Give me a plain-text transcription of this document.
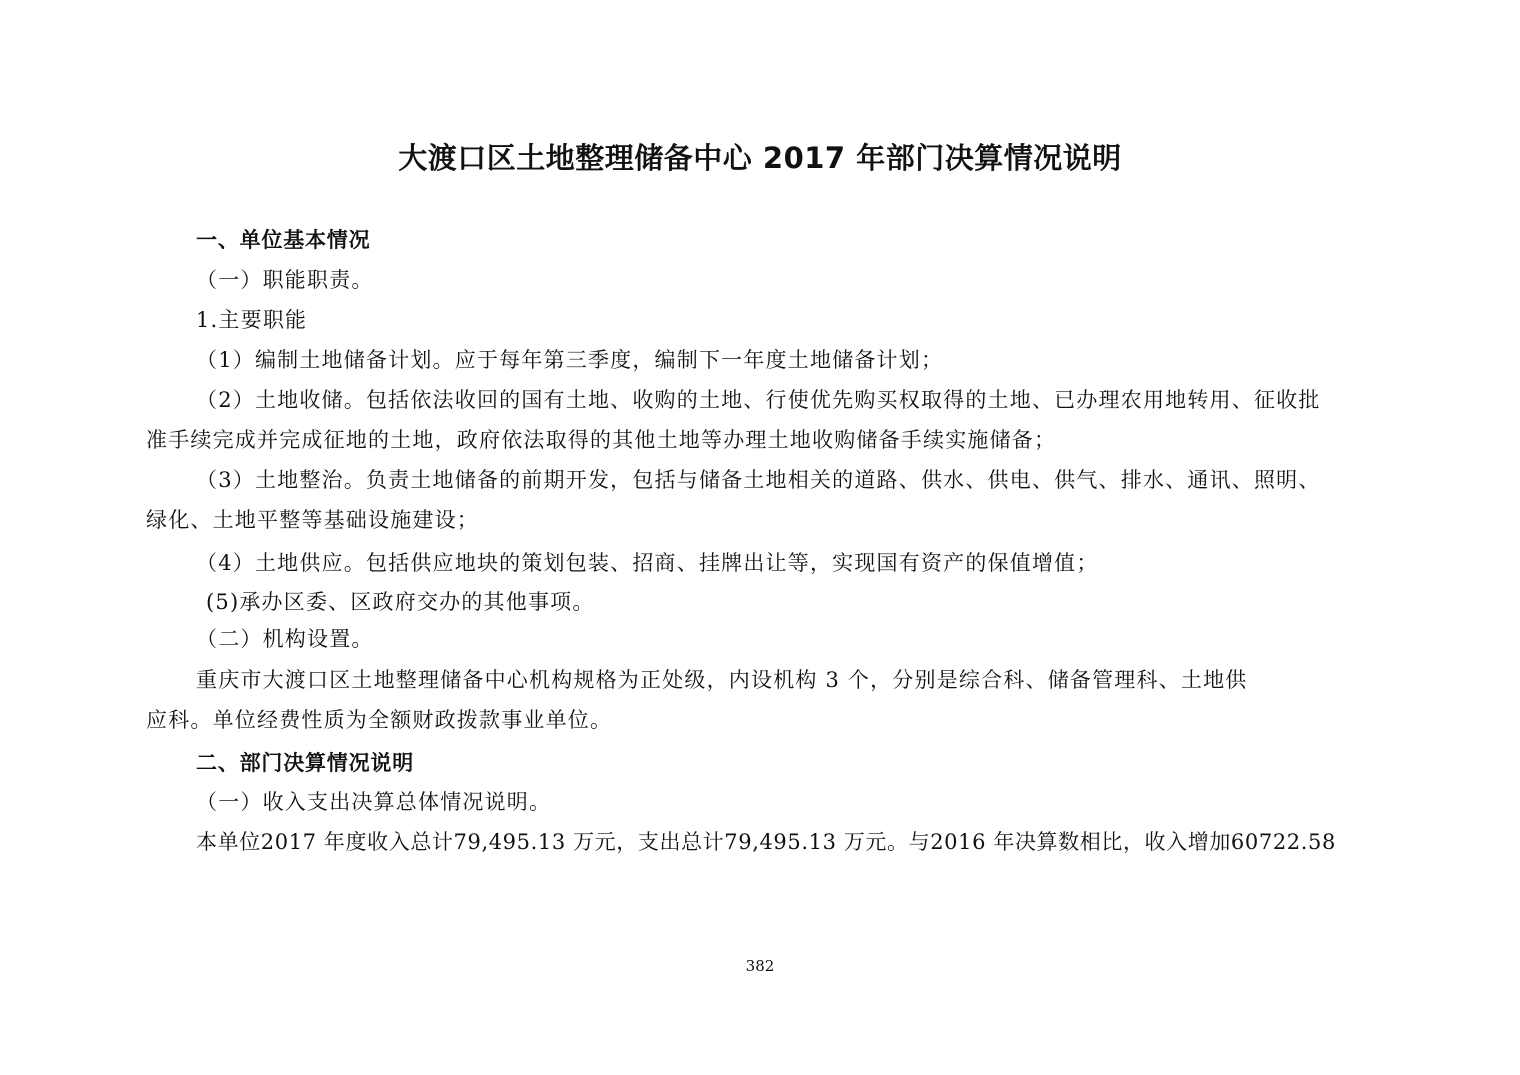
大渡口区土地整理储备中心 2017 年部门决算情况说明
一、单位基本情况
（一）职能职责。
1.主要职能
（1）编制土地储备计划。应于每年第三季度，编制下一年度土地储备计划；
（2）土地收储。包括依法收回的国有土地、收购的土地、行使优先购买权取得的土地、已办理农用地转用、征收批
准手续完成并完成征地的土地，政府依法取得的其他土地等办理土地收购储备手续实施储备；
（3）土地整治。负责土地储备的前期开发，包括与储备土地相关的道路、供水、供电、供气、排水、通讯、照明、
绿化、土地平整等基础设施建设；
（4）土地供应。包括供应地块的策划包装、招商、挂牌出让等，实现国有资产的保值增值；
(5)承办区委、区政府交办的其他事项。
（二）机构设置。
重庆市大渡口区土地整理储备中心机构规格为正处级，内设机构 3 个，分别是综合科、储备管理科、土地供
应科。单位经费性质为全额财政拨款事业单位。
二、部门决算情况说明
（一）收入支出决算总体情况说明。
本单位2017 年度收入总计79,495.13 万元，支出总计79,495.13 万元。与2016 年决算数相比，收入增加60722.58
382
